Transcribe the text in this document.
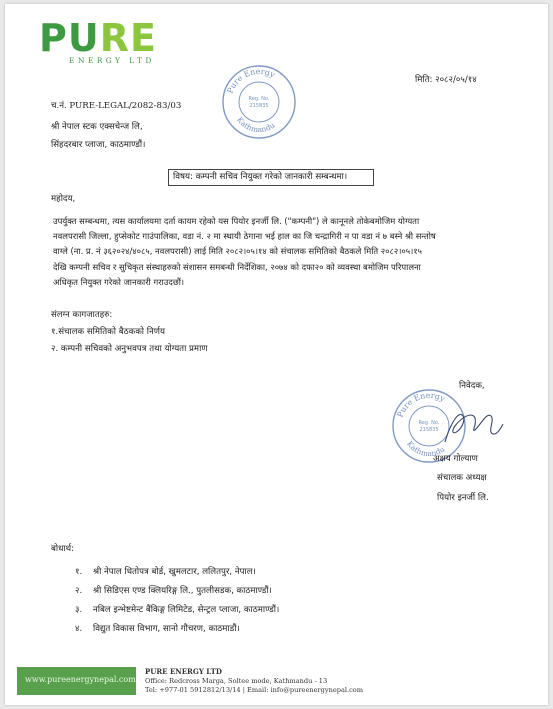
PURE
ENERGY LTD
Pure Energy
Kathmandu
Reg. No.
215835
मिति: २०८२/०५/१४
च.नं. PURE-LEGAL/2082-83/03
श्री नेपाल स्टक एक्सचेन्ज लि,
सिंहदरबार प्लाजा, काठमाण्डौं।
विषय: कम्पनी सचिव नियुक्त गरेको जानकारी सम्बन्धमा।
महोदय,
उपर्युक्त सम्बन्धमा, त्यस कार्यालयमा दर्ता कायम रहेको यस पियोर इनर्जी लि. ("कम्पनी") ले कानूनले तोकेबमोजिम योग्यता
नवलपरासी जिल्ला, हुप्सेकोट गाउंपालिका, वडा नं. २ मा स्थायी ठेगाना भई हाल का जि चन्द्रागिरी न पा वडा नं ७ बस्ने श्री सन्तोष
वाग्ले (ना. प्र. नं ३६२०२४/४०८५, नवलपरासी) लाई मिति २०८२।०५।१४ को संचालक समितिको बैठकले मिति २०८२।०५।१५
देखि कम्पनी सचिव र सुचिकृत संस्थाहरुको संशासन समबन्धी निर्देशिका, २०७४ को दफा२० को व्यवस्था बमोजिम परिपालना
अधिकृत नियुक्त गरेको जानकारी गराउदछौं।
संलग्न कागजातहरु:
१.संचालक समितिको बैठकको निर्णय
२. कम्पनी सचिवको अनुभवपत्र तथा योग्यता प्रमाण
निवेदक,
Pure Energy
Kathmandu
Reg. No.
215835
अक्षय गोल्याण
संचालक अध्यक्ष
पियोर इनर्जी लि.
बोधार्थ:
१. श्री नेपाल धितोपत्र बोर्ड, खुमलटार, ललितपुर, नेपाल।
२. श्री सिडिएस एण्ड क्लियरिङ्ग लि., पुतलीसडक, काठमाण्डौं।
३. नबिल इन्भेष्टमेन्ट बैंकिङ्ग लिमिटेड, सेन्ट्रल प्लाजा, काठमाण्डौं।
४. विद्युत विकास विभाग, सानो गौचरण, काठमाडौं।
www.pureenergynepal.com
PURE ENERGY LTD
Office: Redcross Marga, Soltee mode, Kathmandu - 13
Tel: +977-01 5912812/13/14 | Email: info@pureenergynepal.com
